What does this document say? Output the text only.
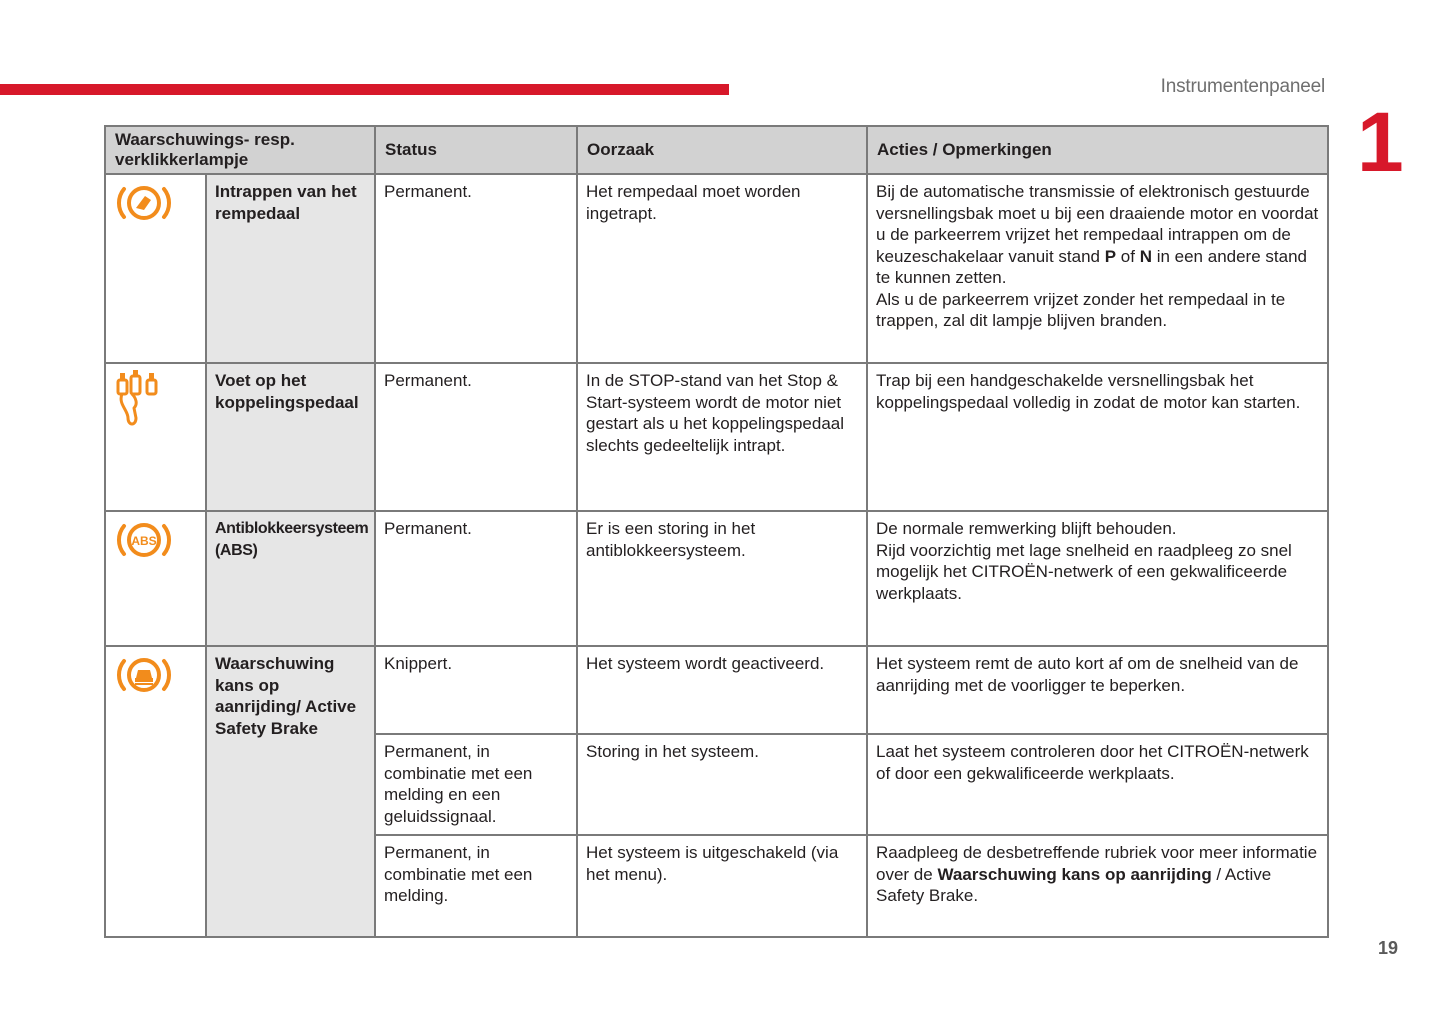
Instrumentenpaneel
1
Waarschuwings- resp. verklikkerlampje		Status	Oorzaak	Acties / Opmerkingen
	Intrappen van het rempedaal	Permanent.	Het rempedaal moet worden ingetrapt.	Bij de automatische transmissie of elektronisch gestuurde versnellingsbak moet u bij een draaiende motor en voordat u de parkeerrem vrijzet het rempedaal intrappen om de keuzeschakelaar vanuit stand P of N in een andere stand te kunnen zetten.
Als u de parkeerrem vrijzet zonder het rempedaal in te trappen, zal dit lampje blijven branden.
	Voet op het koppelingspedaal	Permanent.	In de STOP-stand van het Stop & Start-systeem wordt de motor niet gestart als u het koppelingspedaal slechts gedeeltelijk intrapt.	Trap bij een handgeschakelde versnellingsbak het koppelingspedaal volledig in zodat de motor kan starten.

ABS	Antiblokkeersysteem (ABS)	Permanent.	Er is een storing in het antiblokkeersysteem.	De normale remwerking blijft behouden.
Rijd voorzichtig met lage snelheid en raadpleeg zo snel mogelijk het CITROËN-netwerk of een gekwalificeerde werkplaats.
	Waarschuwing kans op aanrijding/ Active Safety Brake	Knippert.	Het systeem wordt geactiveerd.	Het systeem remt de auto kort af om de snelheid van de aanrijding met de voorligger te beperken.
		Permanent, in combinatie met een melding en een geluidssignaal.	Storing in het systeem.	Laat het systeem controleren door het CITROËN-netwerk of door een gekwalificeerde werkplaats.
		Permanent, in combinatie met een melding.	Het systeem is uitgeschakeld (via het menu).	Raadpleeg de desbetreffende rubriek voor meer informatie over de Waarschuwing kans op aanrijding / Active Safety Brake.
19
